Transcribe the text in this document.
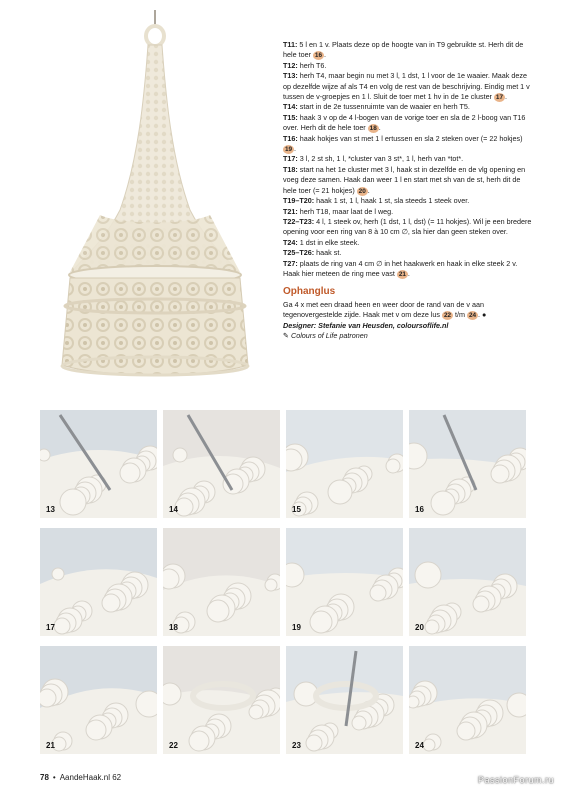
T11: 5 l en 1 v. Plaats deze op de hoogte van in T9 gebruikte st. Herh dit de hele toer 16 .

T12: herh T6.

T13: herh T4, maar begin nu met 3 l, 1 dst, 1 l voor de 1e waaier. Maak deze op dezelfde wijze af als T4 en volg de rest van de beschrijving. Eindig met 1 v tussen de v-groepjes en 1 l. Sluit de toer met 1 hv in de 1e cluster 17 .

T14: start in de 2e tussenruimte van de waaier en herh T5.

T15: haak 3 v op de 4 l-bogen van de vorige toer en sla de 2 l-boog van T16 over. Herh dit de hele toer 18 .

T16: haak hokjes van st met 1 l ertussen en sla 2 steken over (= 22 hokjes) 19 .

T17: 3 l, 2 st sh, 1 l, *cluster van 3 st*, 1 l, herh van *tot*.

T18: start na het 1e cluster met 3 l, haak st in dezelfde en de vlg opening en voeg deze samen. Haak dan weer 1 l en start met sh van de st, herh dit de hele toer (= 21 hokjes) 20 .

T19–T20: haak 1 st, 1 l, haak 1 st, sla steeds 1 steek over.

T21: herh T18, maar laat de l weg.

T22–T23: 4 l, 1 steek ov, herh (1 dst, 1 l, dst) (= 11 hokjes). Wil je een bredere opening voor een ring van 8 à 10 cm ∅, sla hier dan geen steken over.

T24: 1 dst in elke steek.

T25–T26: haak st.

T27: plaats de ring van 4 cm ∅ in het haakwerk en haak in elke steek 2 v. Haak hier meteen de ring mee vast 21 .

Ophanglus

Ga 4 x met een draad heen en weer door de rand van de v aan tegenovergestelde zijde. Haak met v om deze lus 22 t/m 24 . ●

Designer: Stefanie van Heusden, coloursoflife.nl

✎ Colours of Life patronen

13	14	15	16
17	18	19	20
21	22	23	24
78 • AandeHaak.nl 62	PassionForum.ru
